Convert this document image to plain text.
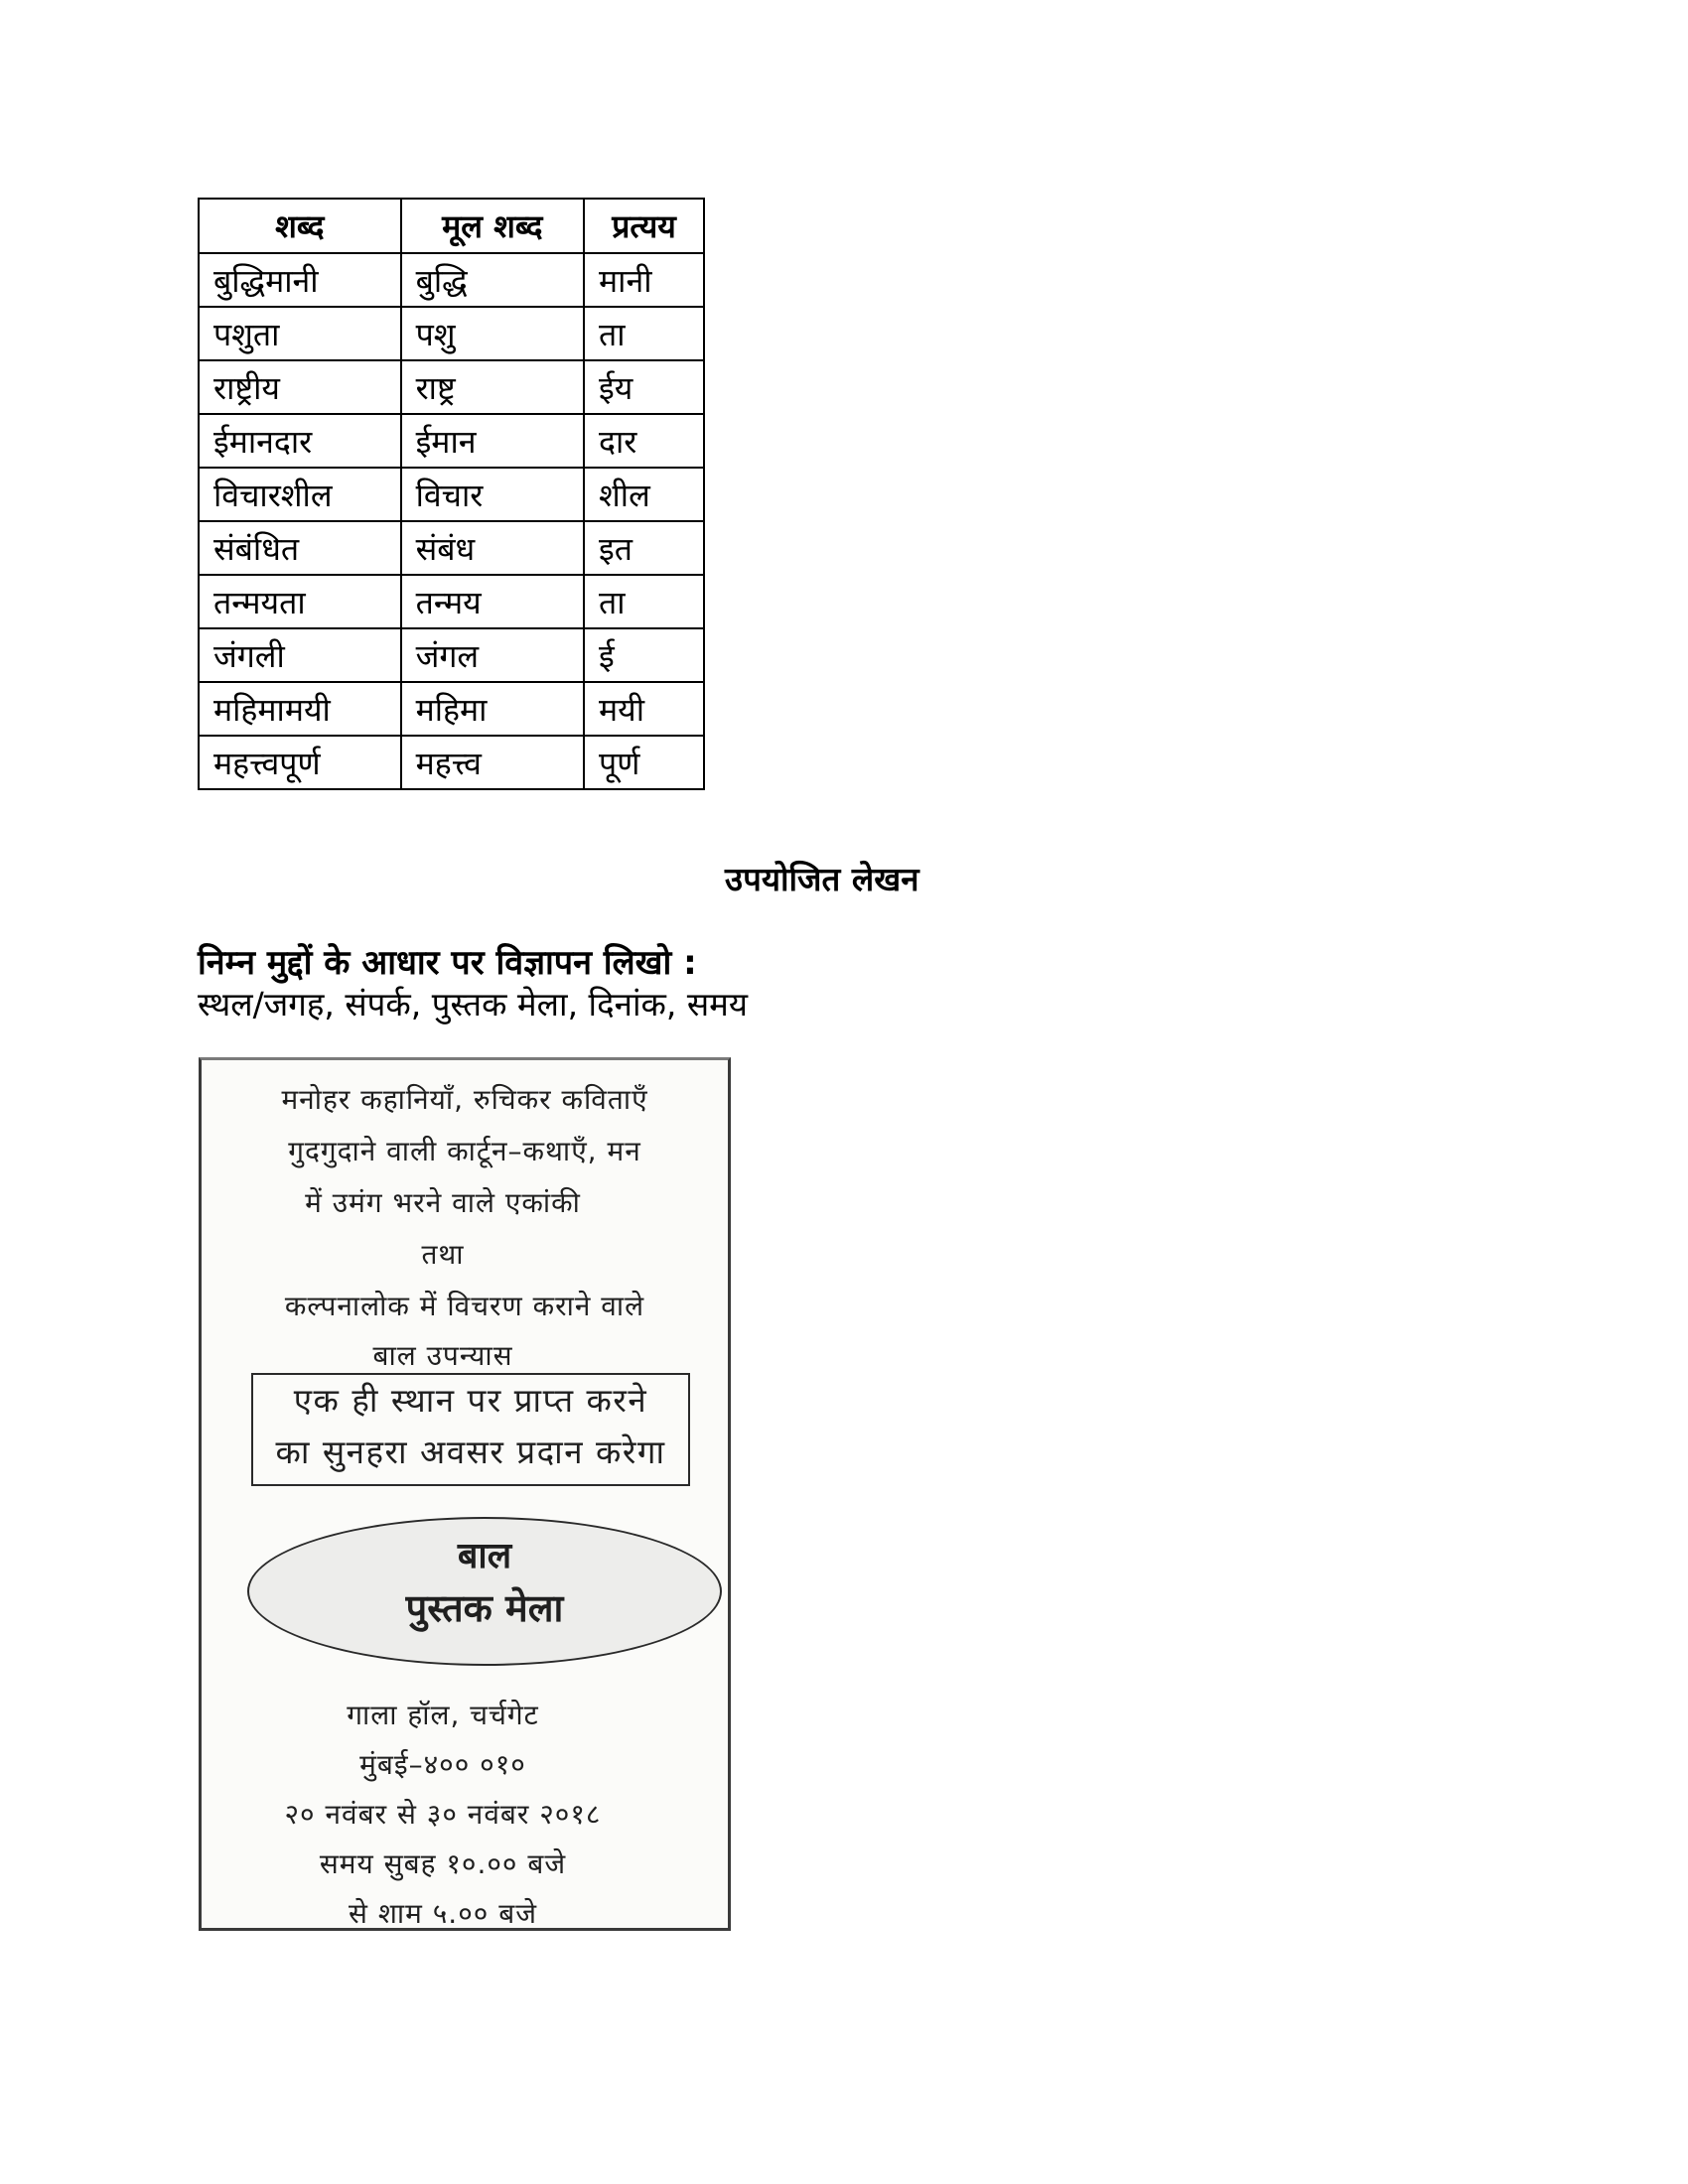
शब्द	मूल शब्द	प्रत्यय
बुद्धिमानी	बुद्धि	मानी
पशुता	पशु	ता
राष्ट्रीय	राष्ट्र	ईय
ईमानदार	ईमान	दार
विचारशील	विचार	शील
संबंधित	संबंध	इत
तन्मयता	तन्मय	ता
जंगली	जंगल	ई
महिमामयी	महिमा	मयी
महत्त्वपूर्ण	महत्त्व	पूर्ण
उपयोजित लेखन
निम्न मुद्दों के आधार पर विज्ञापन लिखो :
स्थल/जगह, संपर्क, पुस्तक मेला, दिनांक, समय
मनोहर कहानियाँ, रुचिकर कविताएँ
गुदगुदाने वाली कार्टून–कथाएँ, मन
में उमंग भरने वाले एकांकी
तथा
कल्पनालोक में विचरण कराने वाले
बाल उपन्यास
एक ही स्थान पर प्राप्त करने
का सुनहरा अवसर प्रदान करेगा
बाल
पुस्तक मेला
गाला हॉल, चर्चगेट
मुंबई–४०० ०१०
२० नवंबर से ३० नवंबर २०१८
समय सुबह १०.०० बजे
से शाम ५.०० बजे
